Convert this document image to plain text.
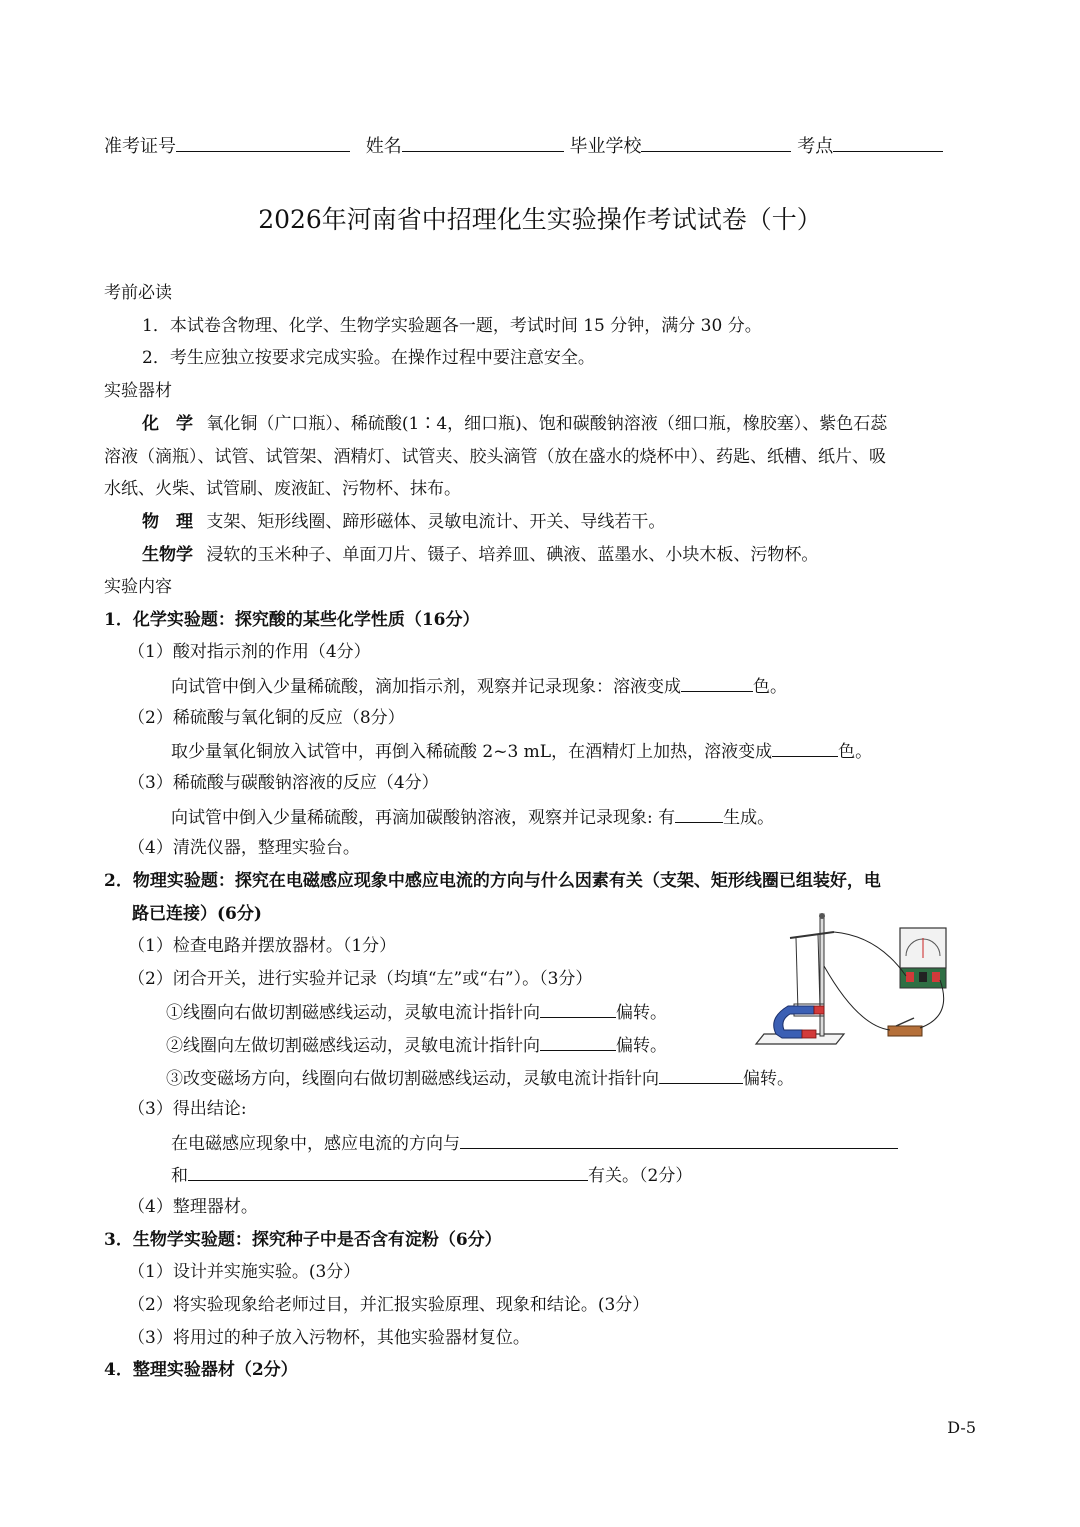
准考证号	姓名	毕业学校	考点
2026年河南省中招理化生实验操作考试试卷（十）
考前必读
1．本试卷含物理、化学、生物学实验题各一题，考试时间 15 分钟，满分 30 分。
2．考生应独立按要求完成实验。在操作过程中要注意安全。
实验器材
化　学 氧化铜（广口瓶）、稀硫酸(1∶4，细口瓶)、饱和碳酸钠溶液（细口瓶，橡胶塞）、紫色石蕊
溶液（滴瓶）、试管、试管架、酒精灯、试管夹、胶头滴管（放在盛水的烧杯中）、药匙、纸槽、纸片、吸
水纸、火柴、试管刷、废液缸、污物杯、抹布。
物　理 支架、矩形线圈、蹄形磁体、灵敏电流计、开关、导线若干。
生物学 浸软的玉米种子、单面刀片、镊子、培养皿、碘液、蓝墨水、小块木板、污物杯。
实验内容
1．化学实验题：探究酸的某些化学性质（16分）
（1）酸对指示剂的作用（4分）
向试管中倒入少量稀硫酸，滴加指示剂，观察并记录现象：溶液变成	色。
（2）稀硫酸与氧化铜的反应（8分）
取少量氧化铜放入试管中，再倒入稀硫酸 2~3 mL，在酒精灯上加热，溶液变成	色。
（3）稀硫酸与碳酸钠溶液的反应（4分）
向试管中倒入少量稀硫酸，再滴加碳酸钠溶液，观察并记录现象: 有	生成。
（4）清洗仪器，整理实验台。
2．物理实验题：探究在电磁感应现象中感应电流的方向与什么因素有关（支架、矩形线圈已组装好，电
路已连接）(6分)
（1）检查电路并摆放器材。（1分）
（2）闭合开关，进行实验并记录（均填“左”或“右”）。（3分）
①线圈向右做切割磁感线运动，灵敏电流计指针向	偏转。
②线圈向左做切割磁感线运动，灵敏电流计指针向	偏转。
③改变磁场方向，线圈向右做切割磁感线运动，灵敏电流计指针向	偏转。
（3）得出结论:
在电磁感应现象中，感应电流的方向与
和	有关。（2分）
（4）整理器材。
3．生物学实验题：探究种子中是否含有淀粉（6分）
（1）设计并实施实验。(3分）
（2）将实验现象给老师过目，并汇报实验原理、现象和结论。(3分）
（3）将用过的种子放入污物杯，其他实验器材复位。
4．整理实验器材（2分）
D-5
